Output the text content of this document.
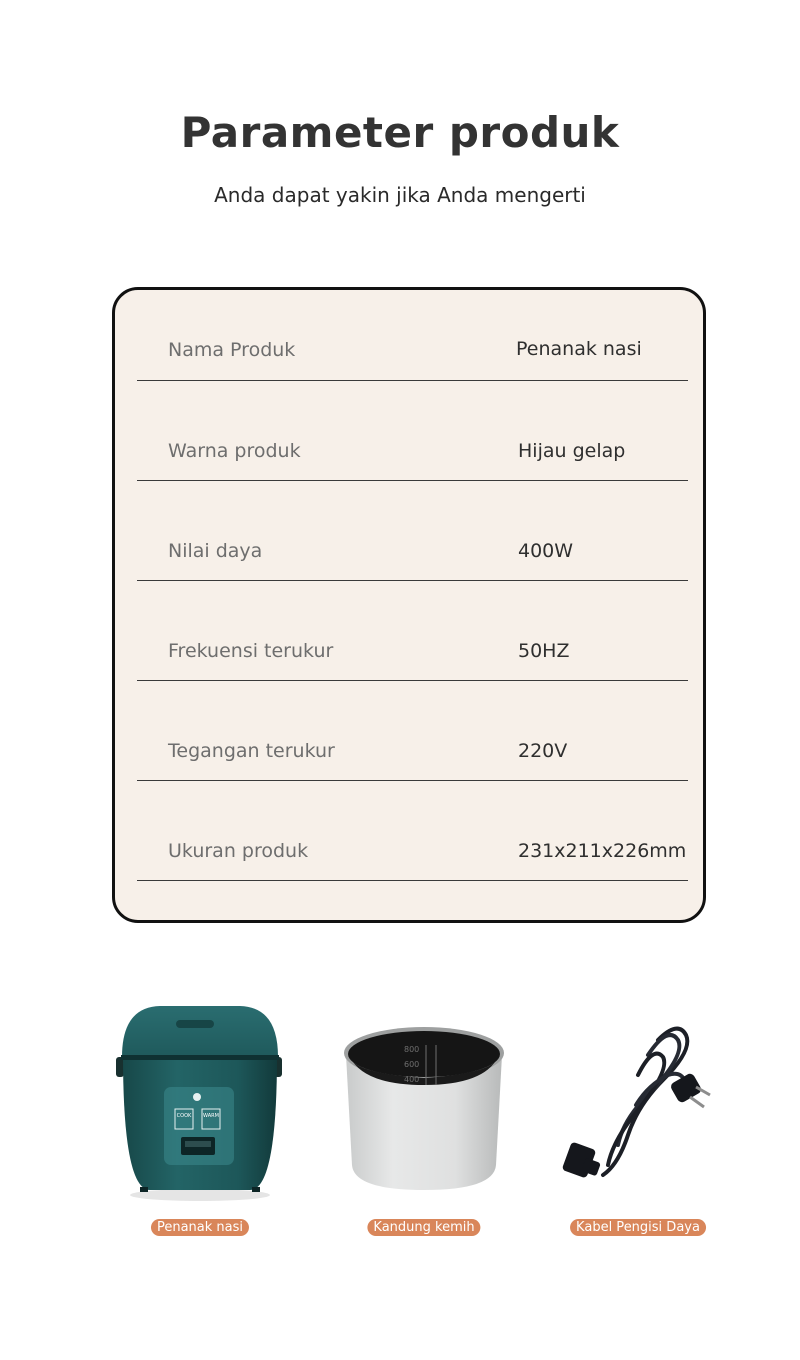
Parameter produk
Anda dapat yakin jika Anda mengerti
Nama Produk	Penanak nasi
Warna produk	Hijau gelap
Nilai daya	400W
Frekuensi terukur	50HZ
Tegangan terukur	220V
Ukuran produk	231x211x226mm
COOK WARM
Penanak nasi
800
600
400
Kandung kemih	Kabel Pengisi Daya
